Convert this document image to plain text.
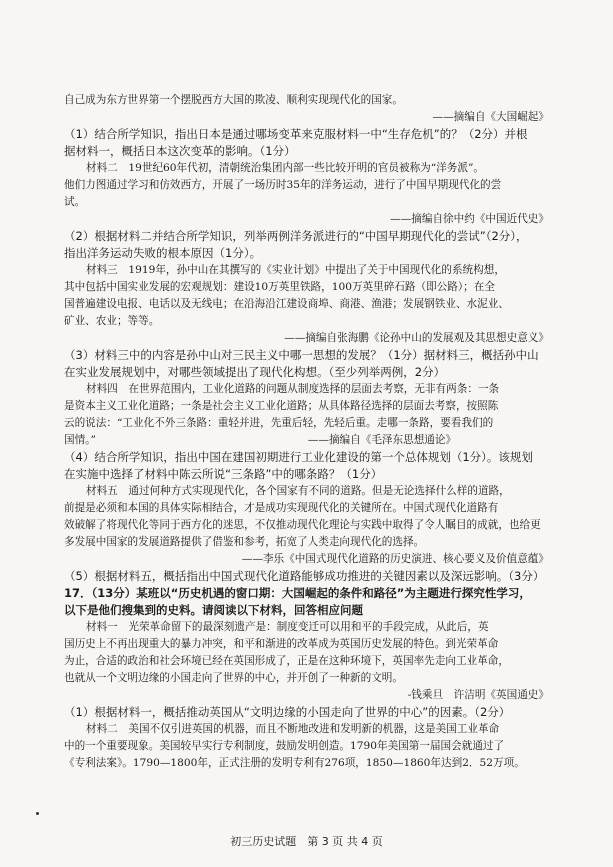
自己成为东方世界第一个摆脱西方大国的欺凌、顺利实现现代化的国家。
——摘编自《大国崛起》
（1）结合所学知识，指出日本是通过哪场变革来克服材料一中“生存危机”的？（2分）并根
据材料一，概括日本这次变革的影响。（1分）
材料二　19世纪60年代初，清朝统治集团内部一些比较开明的官员被称为“洋务派”。
他们力图通过学习和仿效西方，开展了一场历时35年的洋务运动，进行了中国早期现代化的尝
试。
——摘编自徐中约《中国近代史》
（2）根据材料二并结合所学知识，列举两例洋务派进行的“中国早期现代化的尝试”（2分），
指出洋务运动失败的根本原因（1分）。
材料三　1919年，孙中山在其撰写的《实业计划》中提出了关于中国现代化的系统构想，
其中包括中国实业发展的宏观规划：建设10万英里铁路，100万英里碎石路（即公路）；在全
国普遍建设电报、电话以及无线电；在沿海沿江建设商埠、商港、渔港；发展钢铁业、水泥业、
矿业、农业；等等。
——摘编自张海鹏《论孙中山的发展观及其思想史意义》
（3）材料三中的内容是孙中山对三民主义中哪一思想的发展？（1分）据材料三，概括孙中山
在实业发展规划中，对哪些领域提出了现代化构想。（至少列举两例，2分）
材料四　在世界范围内，工业化道路的问题从制度选择的层面去考察，无非有两条：一条
是资本主义工业化道路；一条是社会主义工业化道路；从具体路径选择的层面去考察，按照陈
云的说法：“工业化不外三条路：重轻并进，先重后轻，先轻后重。走哪一条路，要看我们的
国情。”　　　　　　　　　　　　　　　　　　　　——摘编自《毛泽东思想通论》
（4）结合所学知识，指出中国在建国初期进行工业化建设的第一个总体规划（1分）。该规划
在实施中选择了材料中陈云所说“三条路”中的哪条路？（1分）
材料五　通过何种方式实现现代化，各个国家有不同的道路。但是无论选择什么样的道路，
前提是必须和本国的具体实际相结合，才是成功实现现代化的关键所在。中国式现代化道路有
效破解了将现代化等同于西方化的迷思，不仅推动现代化理论与实践中取得了令人瞩目的成就，也给更
多发展中国家的发展道路提供了借鉴和参考，拓宽了人类走向现代化的选择。
——李乐《中国式现代化道路的历史演进、核心要义及价值意蕴》
（5）根据材料五，概括指出中国式现代化道路能够成功推进的关键因素以及深远影响。（3分）
17．（13分）某班以“历史机遇的窗口期：大国崛起的条件和路径”为主题进行探究性学习，
以下是他们搜集到的史料。请阅读以下材料，回答相应问题
材料一　光荣革命留下的最深刻遗产是：制度变迁可以用和平的手段完成，从此后，英
国历史上不再出现重大的暴力冲突，和平和渐进的改革成为英国历史发展的特色。到光荣革命
为止，合适的政治和社会环境已经在英国形成了，正是在这种环境下，英国率先走向工业革命，
也就从一个文明边缘的小国走向了世界的中心，并开创了一种新的文明。
-钱乘旦　许洁明《英国通史》
（1）根据材料一，概括推动英国从“文明边缘的小国走向了世界的中心”的因素。（2分）
材料二　美国不仅引进英国的机器，而且不断地改进和发明新的机器，这是美国工业革命
中的一个重要现象。美国较早实行专利制度，鼓励发明创造。1790年美国第一届国会就通过了
《专利法案》。1790—1800年，正式注册的发明专利有276项，1850—1860年达到2．52万项。
初三历史试题　第 3 页 共 4 页
